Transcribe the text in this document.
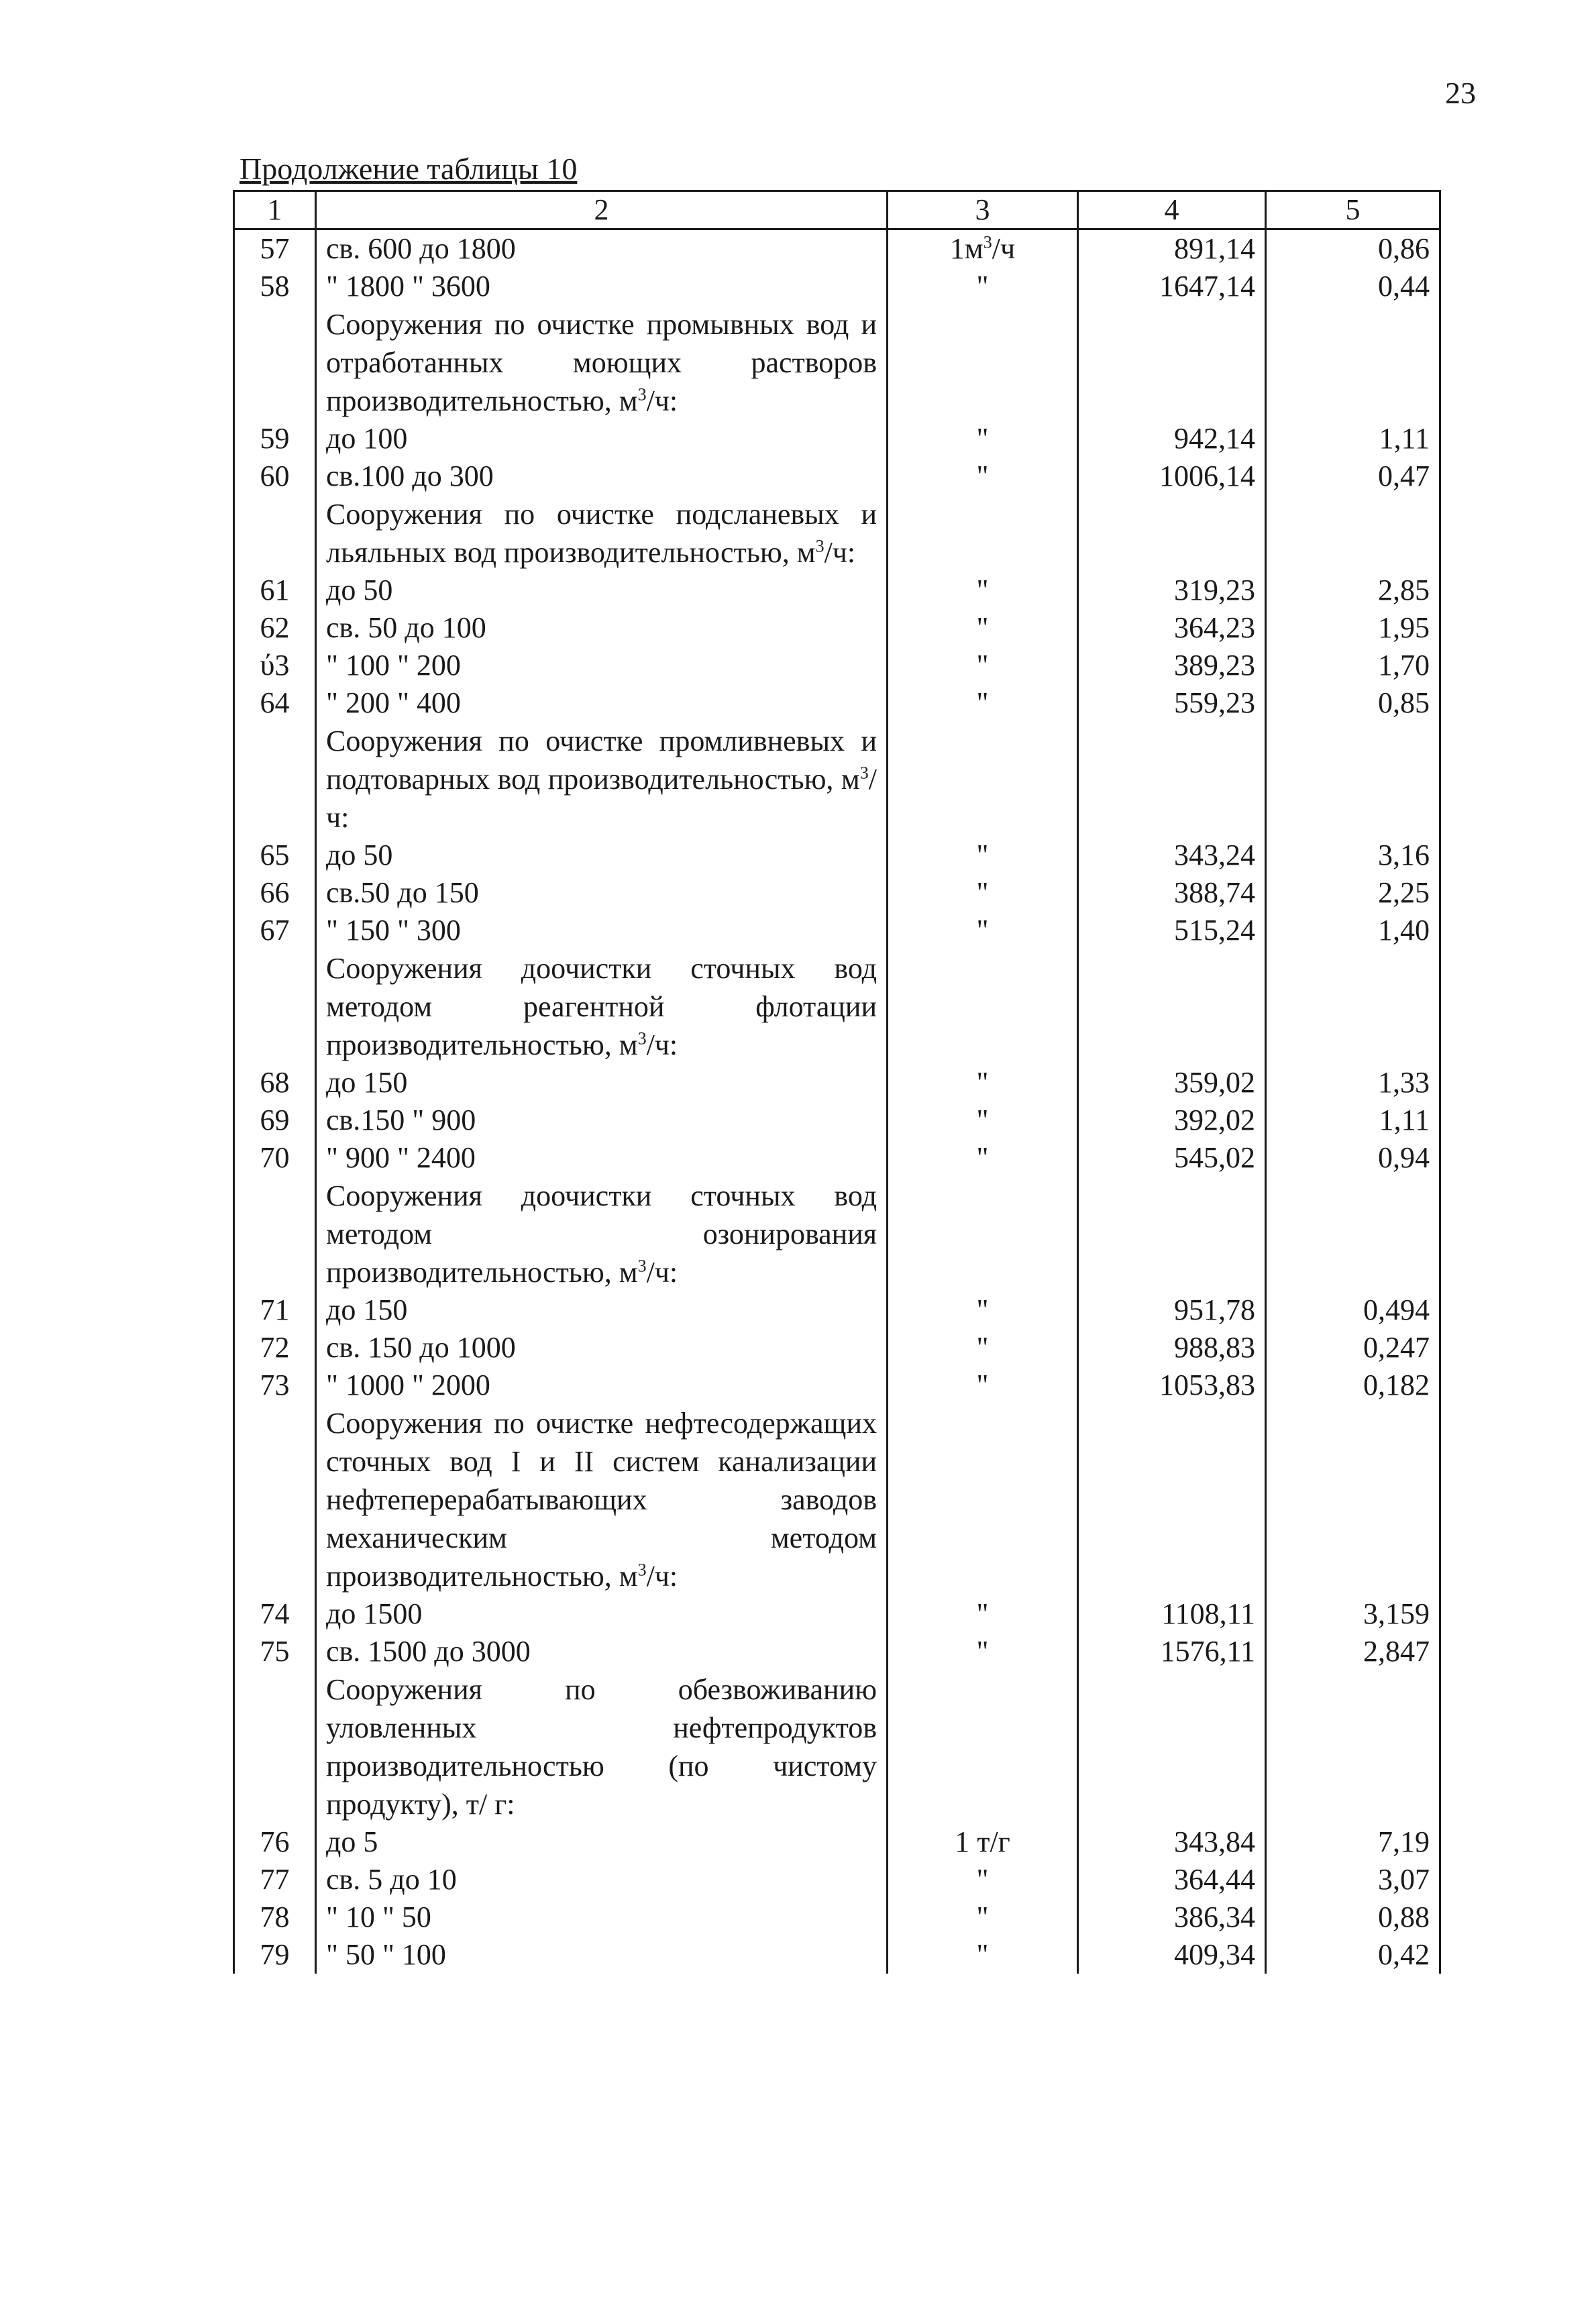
23
Продолжение таблицы 10
1	2	3	4	5
57	св. 600 до 1800	$1м^3/ч$	891,14	0,86
58	" 1800 " 3600	"	1647,14	0,44
	Сооружения по очистке промывных вод и отработанных моющих растворов производительностью, $м^3/ч$:			
59	до 100	"	942,14	1,11
60	св.100 до 300	"	1006,14	0,47
	Сооружения по очистке подсланевых и льяльных вод производительностью, $м^3/ч$:			
61	до 50	"	319,23	2,85
62	св. 50 до 100	"	364,23	1,95
ύ3	" 100 " 200	"	389,23	1,70
64	" 200 " 400	"	559,23	0,85
	Сооружения по очистке промливневых и подтоварных вод производительностью, $м^3/ч$:			
65	до 50	"	343,24	3,16
66	св.50 до 150	"	388,74	2,25
67	" 150 " 300	"	515,24	1,40
	Сооружения доочистки сточных вод методом реагентной флотации производительностью, $м^3/ч$:			
68	до 150	"	359,02	1,33
69	св.150 " 900	"	392,02	1,11
70	" 900 " 2400	"	545,02	0,94
	Сооружения доочистки сточных вод методом озонирования производительностью, $м^3/ч$:			
71	до 150	"	951,78	0,494
72	св. 150 до 1000	"	988,83	0,247
73	" 1000 " 2000	"	1053,83	0,182
	Сооружения по очистке нефтесодержащих сточных вод I и II систем канализации нефтеперерабатывающих заводов механическим методом производительностью, $м^3/ч$:			
74	до 1500	"	1108,11	3,159
75	св. 1500 до 3000	"	1576,11	2,847
	Сооружения по обезвоживанию уловленных нефтепродуктов производительностью (по чистому продукту), т/ г:			
76	до 5	1 т/г	343,84	7,19
77	св. 5 до 10	"	364,44	3,07
78	" 10 " 50	"	386,34	0,88
79	" 50 " 100	"	409,34	0,42
